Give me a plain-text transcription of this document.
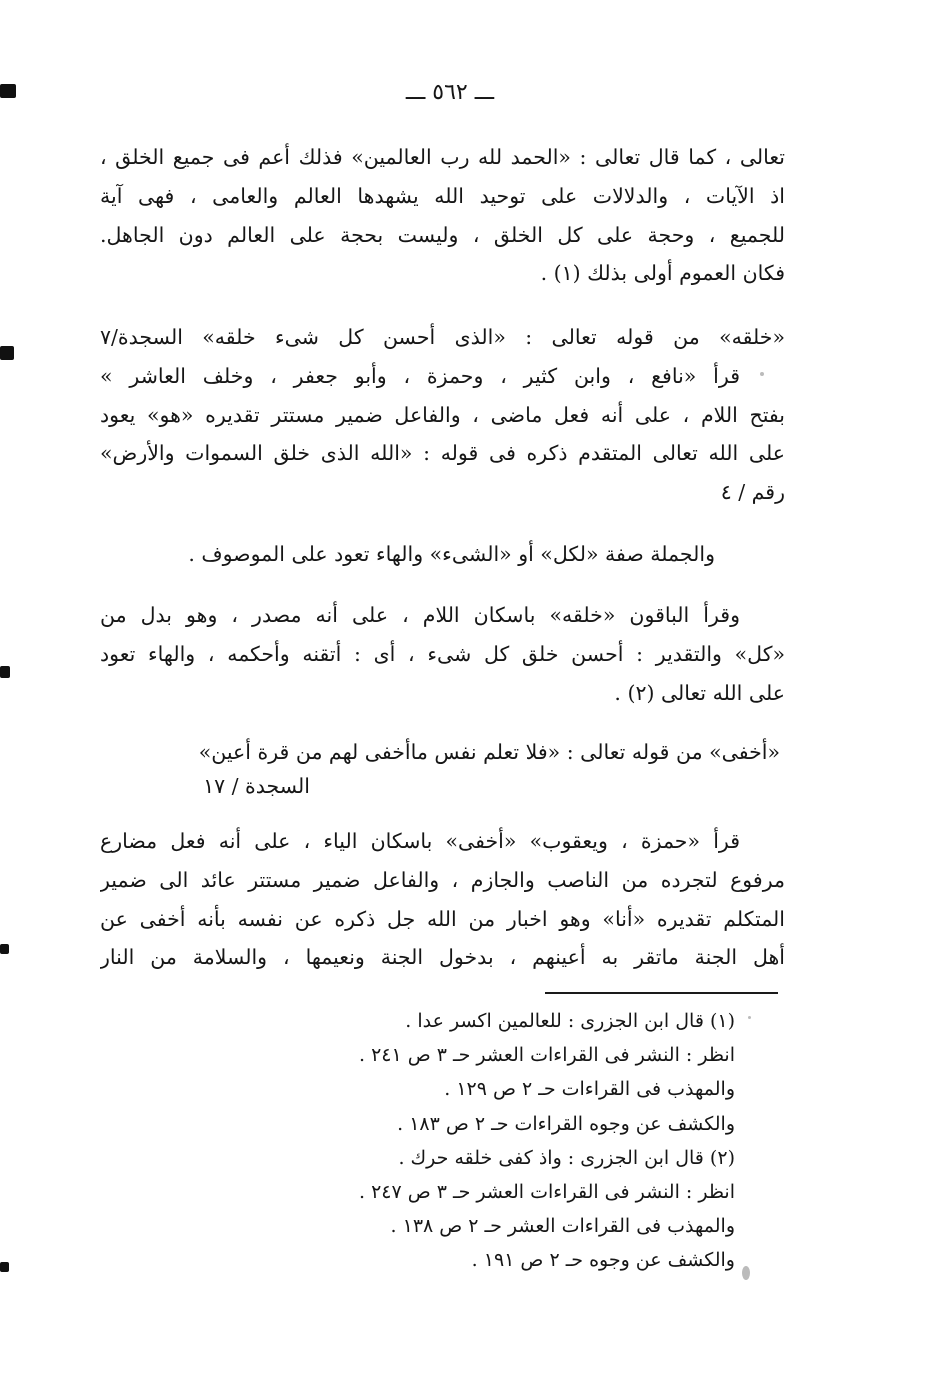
ـــ ٥٦٢ ـــ
تعالى ، كما قال تعالى : «الحمد لله رب العالمين» فذلك أعم فى جميع الخلق ،
اذ الآيات ، والدلالات على توحيد الله يشهدها العالم والعامى ، فهى آية
للجميع ، وحجة على كل الخلق ، وليست بحجة على العالم دون الجاهل.
فكان العموم أولى بذلك (١) .
«خلقه» من قوله تعالى : «الذى أحسن كل شىء خلقه» السجدة/٧
قرأ «نافع ، وابن كثير ، وحمزة ، وأبو جعفر ، وخلف العاشر »
بفتح اللام ، على أنه فعل ماضى ، والفاعل ضمير مستتر تقديره «هو» يعود
على الله تعالى المتقدم ذكره فى قوله : «الله الذى خلق السموات والأرض»
رقم / ٤
والجملة صفة «لكل» أو «الشىء» والهاء تعود على الموصوف .
وقرأ الباقون «خلقه» باسكان اللام ، على أنه مصدر ، وهو بدل من
«كل» والتقدير : أحسن خلق كل شىء ، أى : أتقنه وأحكمه ، والهاء تعود
على الله تعالى (٢) .
«أخفى» من قوله تعالى : «فلا تعلم نفس ماأخفى لهم من قرة أعين»
السجدة / ١٧
قرأ «حمزة ، ويعقوب» «أخفى» باسكان الياء ، على أنه فعل مضارع
مرفوع لتجرده من الناصب والجازم ، والفاعل ضمير مستتر عائد الى ضمير
المتكلم تقديره «أنا» وهو اخبار من الله جل ذكره عن نفسه بأنه أخفى عن
أهل الجنة ماتقر به أعينهم ، بدخول الجنة ونعيمها ، والسلامة من النار
(١) قال ابن الجزرى : للعالمين اكسر عدا .
انظر : النشر فى القراءات العشر حـ ٣ ص ٢٤١ .
والمهذب فى القراءات حـ ٢ ص ١٢٩ .
والكشف عن وجوه القراءات حـ ٢ ص ١٨٣ .
(٢) قال ابن الجزرى : واذ كفى خلقه حرك .
انظر : النشر فى القراءات العشر حـ ٣ ص ٢٤٧ .
والمهذب فى القراءات العشر حـ ٢ ص ١٣٨ .
والكشف عن وجوه حـ ٢ ص ١٩١ .
